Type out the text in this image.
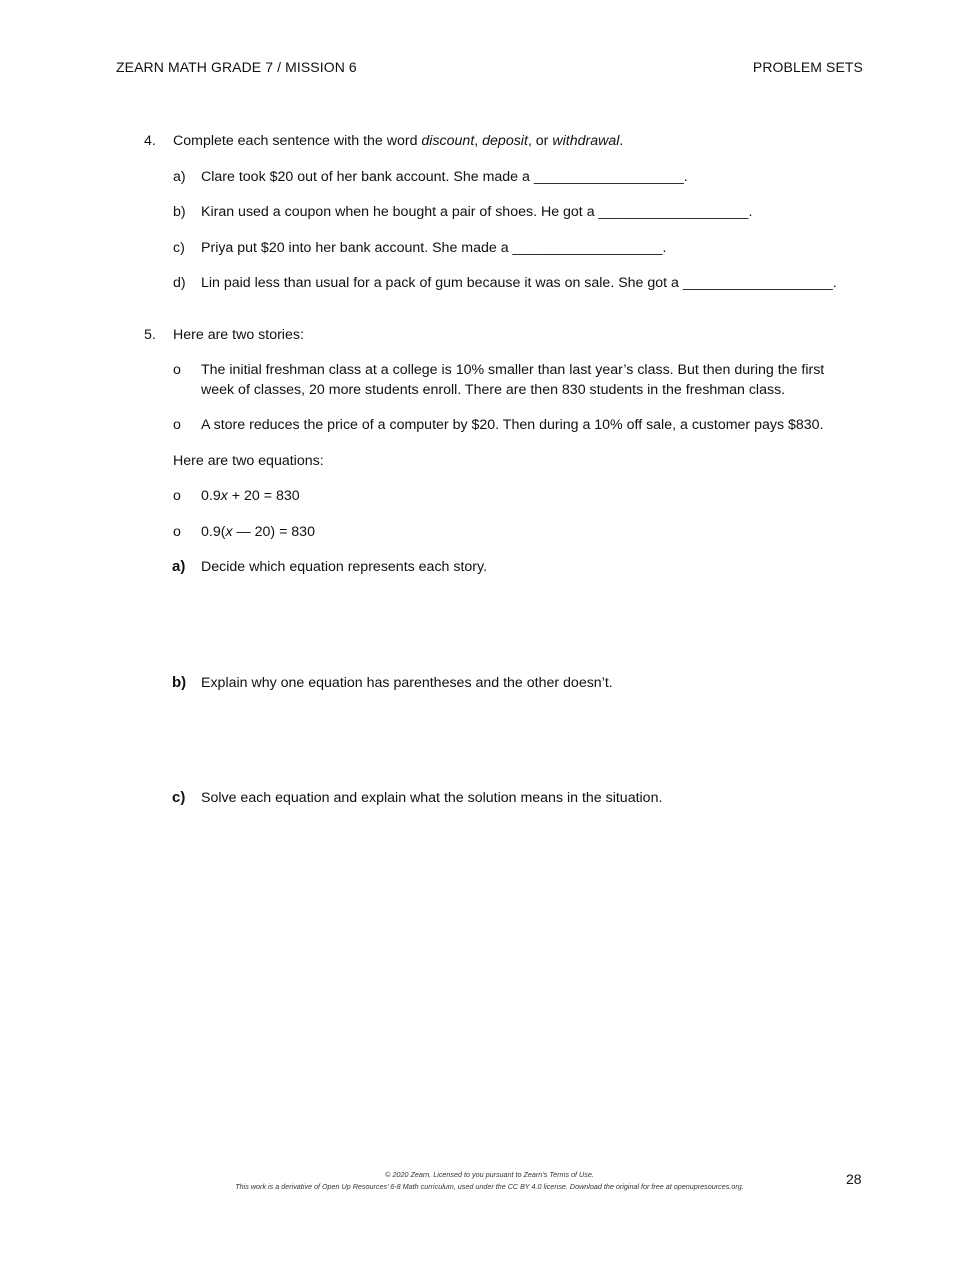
ZEARN MATH GRADE 7 / MISSION 6	PROBLEM SETS
4. Complete each sentence with the word discount, deposit, or withdrawal.
a) Clare took $20 out of her bank account. She made a ___________________.
b) Kiran used a coupon when he bought a pair of shoes. He got a ___________________.
c) Priya put $20 into her bank account. She made a ___________________.
d) Lin paid less than usual for a pack of gum because it was on sale. She got a ___________________.
5. Here are two stories:
o The initial freshman class at a college is 10% smaller than last year’s class. But then during the first
week of classes, 20 more students enroll. There are then 830 students in the freshman class.
o A store reduces the price of a computer by $20. Then during a 10% off sale, a customer pays $830.
Here are two equations:
o 0.9x + 20 = 830
o 0.9(x — 20) = 830
a) Decide which equation represents each story.
b) Explain why one equation has parentheses and the other doesn’t.
c) Solve each equation and explain what the solution means in the situation.
© 2020 Zearn. Licensed to you pursuant to Zearn’s Terms of Use.
This work is a derivative of Open Up Resources’ 6-8 Math curriculum, used under the CC BY 4.0 license. Download the original for free at openupresources.org.	28
